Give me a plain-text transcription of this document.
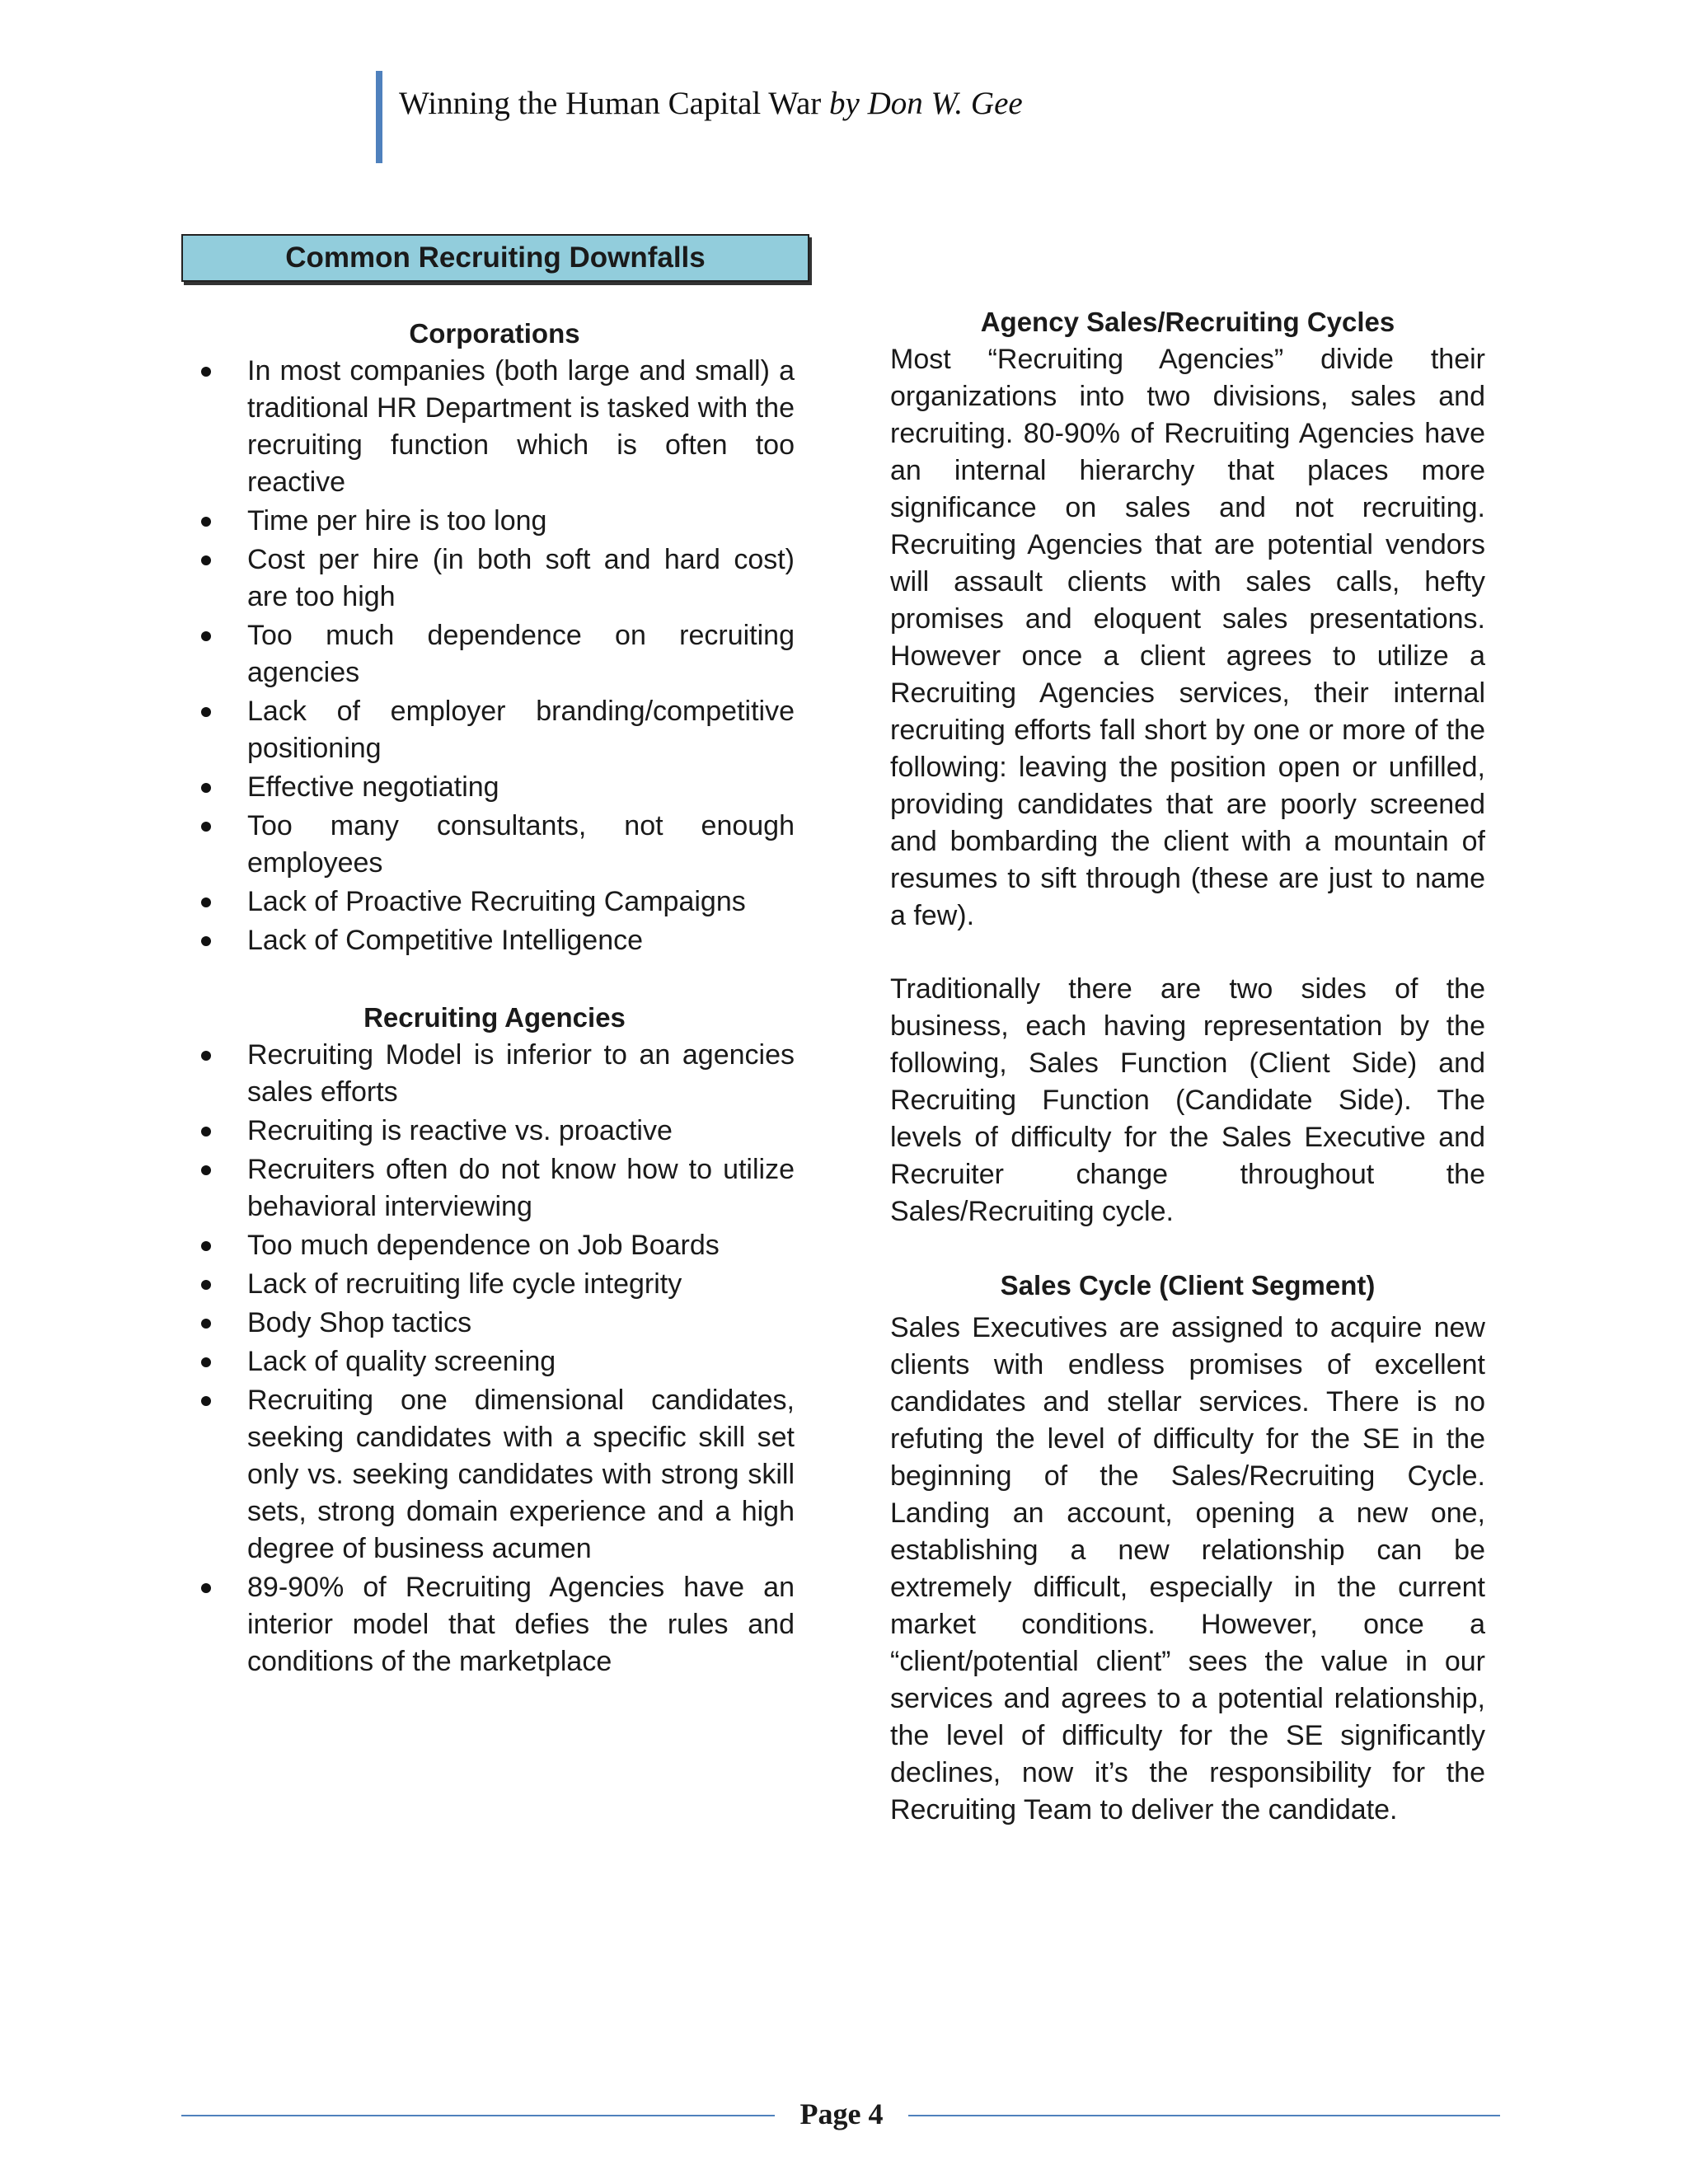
Winning the Human Capital War by Don W. Gee
Common Recruiting Downfalls
Corporations
In most companies (both large and small) a traditional HR Department is tasked with the recruiting function which is often too reactive
Time per hire is too long
Cost per hire (in both soft and hard cost) are too high
Too much dependence on recruiting agencies
Lack of employer branding/competitive positioning
Effective negotiating
Too many consultants, not enough employees
Lack of Proactive Recruiting Campaigns
Lack of Competitive Intelligence
Recruiting Agencies
Recruiting Model is inferior to an agencies sales efforts
Recruiting is reactive vs. proactive
Recruiters often do not know how to utilize behavioral interviewing
Too much dependence on Job Boards
Lack of recruiting life cycle integrity
Body Shop tactics
Lack of quality screening
Recruiting one dimensional candidates, seeking candidates with a specific skill set only vs. seeking candidates with strong skill sets, strong domain experience and a high degree of business acumen
89-90% of Recruiting Agencies have an interior model that defies the rules and conditions of the marketplace
Agency Sales/Recruiting Cycles

Most “Recruiting Agencies” divide their organizations into two divisions, sales and recruiting. 80-90% of Recruiting Agencies have an internal hierarchy that places more significance on sales and not recruiting. Recruiting Agencies that are potential vendors will assault clients with sales calls, hefty promises and eloquent sales presentations. However once a client agrees to utilize a Recruiting Agencies services, their internal recruiting efforts fall short by one or more of the following: leaving the position open or unfilled, providing candidates that are poorly screened and bombarding the client with a mountain of resumes to sift through (these are just to name a few).

Traditionally there are two sides of the business, each having representation by the following, Sales Function (Client Side) and Recruiting Function (Candidate Side). The levels of difficulty for the Sales Executive and Recruiter change throughout the Sales/Recruiting cycle.

Sales Cycle (Client Segment)

Sales Executives are assigned to acquire new clients with endless promises of excellent candidates and stellar services. There is no refuting the level of difficulty for the SE in the beginning of the Sales/Recruiting Cycle. Landing an account, opening a new one, establishing a new relationship can be extremely difficult, especially in the current market conditions. However, once a “client/potential client” sees the value in our services and agrees to a potential relationship, the level of difficulty for the SE significantly declines, now it’s the responsibility for the Recruiting Team to deliver the candidate.

Page 4
